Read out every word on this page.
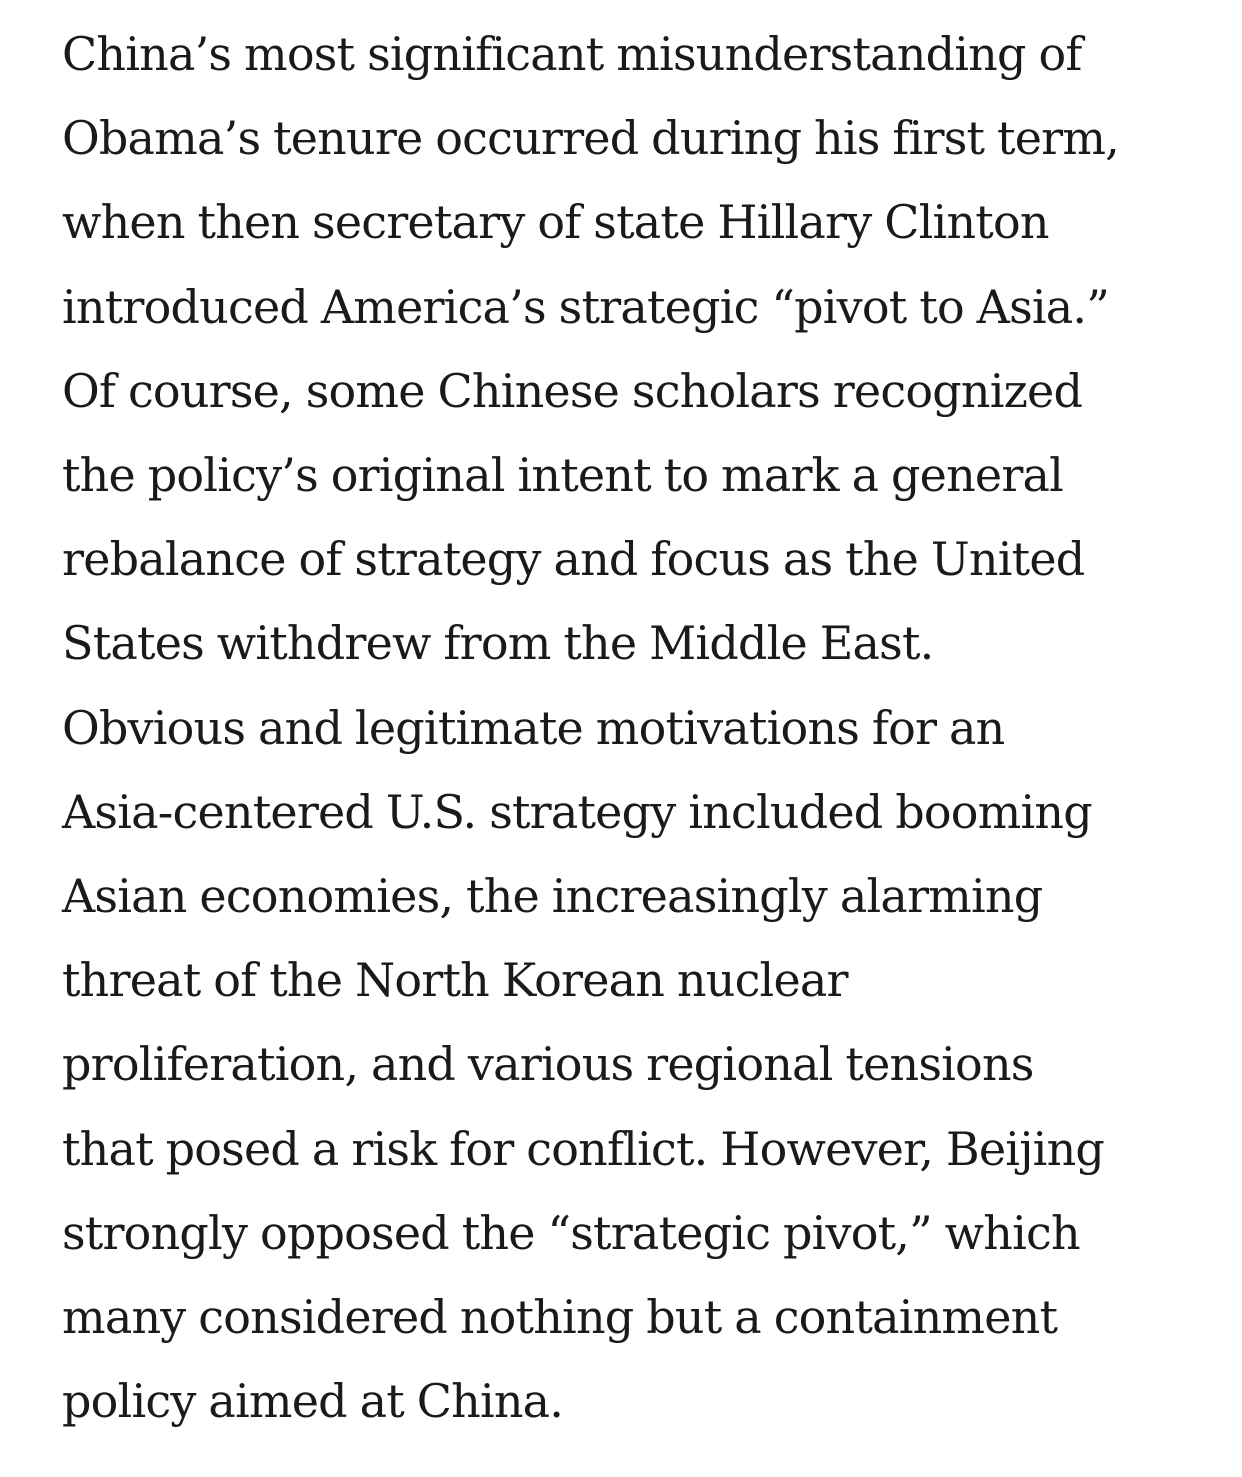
China’s most significant misunderstanding of
Obama’s tenure occurred during his first term,
when then secretary of state Hillary Clinton
introduced America’s strategic “pivot to Asia.”
Of course, some Chinese scholars recognized
the policy’s original intent to mark a general
rebalance of strategy and focus as the United
States withdrew from the Middle East.
Obvious and legitimate motivations for an
Asia-centered U.S. strategy included booming
Asian economies, the increasingly alarming
threat of the North Korean nuclear
proliferation, and various regional tensions
that posed a risk for conflict. However, Beijing
strongly opposed the “strategic pivot,” which
many considered nothing but a containment
policy aimed at China.
